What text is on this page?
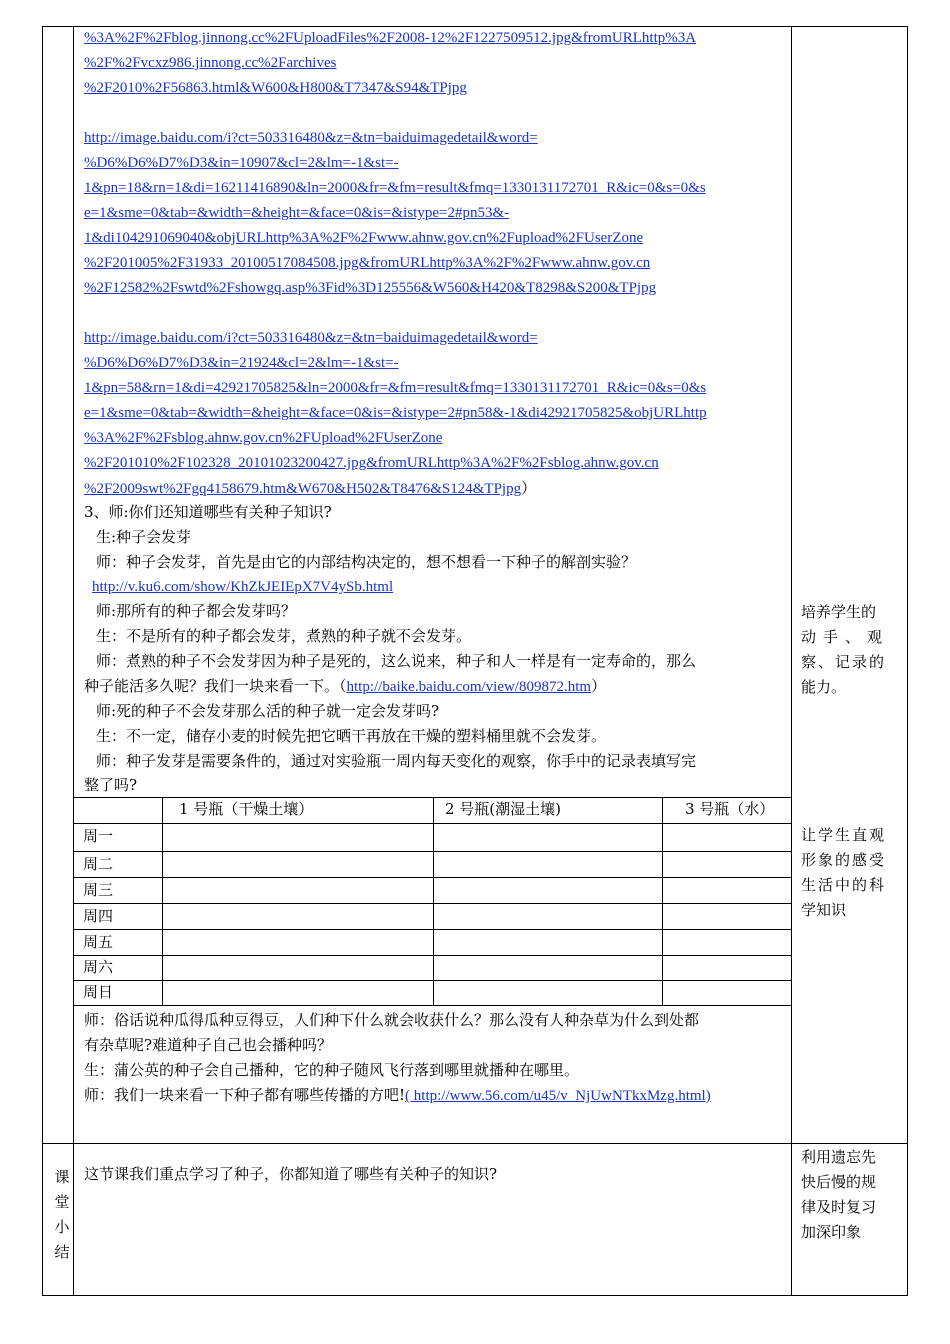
%3A%2F%2Fblog.jinnong.cc%2FUploadFiles%2F2008-12%2F1227509512.jpg&fromURLhttp%3A
%2F%2Fvcxz986.jinnong.cc%2Farchives
%2F2010%2F56863.html&W600&H800&T7347&S94&TPjpg
http://image.baidu.com/i?ct=503316480&z=&tn=baiduimagedetail&word=
%D6%D6%D7%D3&in=10907&cl=2&lm=-1&st=-
1&pn=18&rn=1&di=16211416890&ln=2000&fr=&fm=result&fmq=1330131172701_R&ic=0&s=0&s
e=1&sme=0&tab=&width=&height=&face=0&is=&istype=2#pn53&-
1&di104291069040&objURLhttp%3A%2F%2Fwww.ahnw.gov.cn%2Fupload%2FUserZone
%2F201005%2F31933_20100517084508.jpg&fromURLhttp%3A%2F%2Fwww.ahnw.gov.cn
%2F12582%2Fswtd%2Fshowgq.asp%3Fid%3D125556&W560&H420&T8298&S200&TPjpg
http://image.baidu.com/i?ct=503316480&z=&tn=baiduimagedetail&word=
%D6%D6%D7%D3&in=21924&cl=2&lm=-1&st=-
1&pn=58&rn=1&di=42921705825&ln=2000&fr=&fm=result&fmq=1330131172701_R&ic=0&s=0&s
e=1&sme=0&tab=&width=&height=&face=0&is=&istype=2#pn58&-1&di42921705825&objURLhttp
%3A%2F%2Fsblog.ahnw.gov.cn%2FUpload%2FUserZone
%2F201010%2F102328_20101023200427.jpg&fromURLhttp%3A%2F%2Fsblog.ahnw.gov.cn
%2F2009swt%2Fgq4158679.htm&W670&H502&T8476&S124&TPjpg）
3、师:你们还知道哪些有关种子知识?
生:种子会发芽
师：种子会发芽，首先是由它的内部结构决定的，想不想看一下种子的解剖实验？
http://v.ku6.com/show/KhZkJEIEpX7V4ySb.html
师:那所有的种子都会发芽吗？
生：不是所有的种子都会发芽，煮熟的种子就不会发芽。
师：煮熟的种子不会发芽因为种子是死的，这么说来，种子和人一样是有一定寿命的，那么
种子能活多久呢？我们一块来看一下。（http://baike.baidu.com/view/809872.htm）
师:死的种子不会发芽那么活的种子就一定会发芽吗?
生：不一定，储存小麦的时候先把它晒干再放在干燥的塑料桶里就不会发芽。
师：种子发芽是需要条件的，通过对实验瓶一周内每天变化的观察，你手中的记录表填写完
整了吗?
1 号瓶（干燥土壤）	2 号瓶(潮湿土壤)	3 号瓶（水）
周一
周二
周三
周四
周五
周六
周日
师：俗话说种瓜得瓜种豆得豆，人们种下什么就会收获什么？那么没有人种杂草为什么到处都
有杂草呢?难道种子自己也会播种吗？
生：蒲公英的种子会自己播种，它的种子随风飞行落到哪里就播种在哪里。
师：我们一块来看一下种子都有哪些传播的方吧!( http://www.56.com/u45/v_NjUwNTkxMzg.html)
培养学生的
动手、观
察、记录的
能力。
让学生直观
形象的感受
生活中的科
学知识
利用遗忘先
快后慢的规
律及时复习
加深印象
课
堂
小
结
这节课我们重点学习了种子，你都知道了哪些有关种子的知识?
